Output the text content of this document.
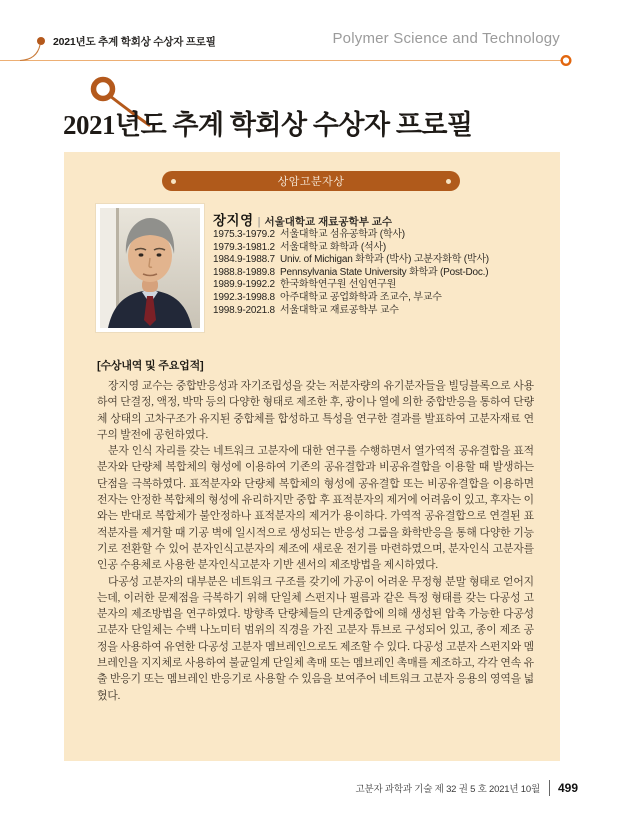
2021년도 추계 학회상 수상자 프로필	Polymer Science and Technology
2021년도 추계 학회상 수상자 프로필
상암고분자상
장지영 | 서울대학교 재료공학부 교수
1975.3-1979.2 서울대학교 섬유공학과 (학사)
1979.3-1981.2 서울대학교 화학과 (석사)
1984.9-1988.7 Univ. of Michigan 화학과 (박사) 고분자화학 (박사)
1988.8-1989.8 Pennsylvania State University 화학과 (Post-Doc.)
1989.9-1992.2 한국화학연구원 선임연구원
1992.3-1998.8 아주대학교 공업화학과 조교수, 부교수
1998.9-2021.8 서울대학교 재료공학부 교수
[수상내역 및 주요업적]

장지영 교수는 중합반응성과 자기조립성을 갖는 저분자량의 유기분자들을 빌딩블록으로 사용하여 단결정, 액정, 박막 등의 다양한 형태로 제조한 후, 광이나 열에 의한 중합반응을 통하여 단량체 상태의 고차구조가 유지된 중합체를 합성하고 특성을 연구한 결과를 발표하여 고분자재료 연구의 발전에 공헌하였다.

분자 인식 자리를 갖는 네트워크 고분자에 대한 연구를 수행하면서 열가역적 공유결합을 표적분자와 단량체 복합체의 형성에 이용하여 기존의 공유결합과 비공유결합을 이용할 때 발생하는 단점을 극복하였다. 표적분자와 단량체 복합체의 형성에 공유결합 또는 비공유결합을 이용하면 전자는 안정한 복합체의 형성에 유리하지만 중합 후 표적분자의 제거에 어려움이 있고, 후자는 이와는 반대로 복합체가 불안정하나 표적분자의 제거가 용이하다. 가역적 공유결합으로 연결된 표적분자를 제거할 때 기공 벽에 일시적으로 생성되는 반응성 그룹을 화학반응을 통해 다양한 기능기로 전환할 수 있어 분자인식고분자의 제조에 새로운 전기를 마련하였으며, 분자인식 고분자를 인공 수용체로 사용한 분자인식고분자 기반 센서의 제조방법을 제시하였다.

다공성 고분자의 대부분은 네트워크 구조를 갖기에 가공이 어려운 무정형 분말 형태로 얻어지는데, 이러한 문제점을 극복하기 위해 단일체 스펀지나 필름과 같은 특정 형태를 갖는 다공성 고분자의 제조방법을 연구하였다. 방향족 단량체들의 단계중합에 의해 생성된 압축 가능한 다공성 고분자 단일체는 수백 나노미터 범위의 직경을 가진 고분자 튜브로 구성되어 있고, 종이 제조 공정을 사용하여 유연한 다공성 고분자 멤브레인으로도 제조할 수 있다. 다공성 고분자 스펀지와 멤브레인을 지지체로 사용하여 불균일계 단일체 촉매 또는 멤브레인 촉매를 제조하고, 각각 연속 유출 반응기 또는 멤브레인 반응기로 사용할 수 있음을 보여주어 네트워크 고분자 응용의 영역을 넓혔다.

고분자 과학과 기술 제 32 권 5 호 2021년 10월 499
